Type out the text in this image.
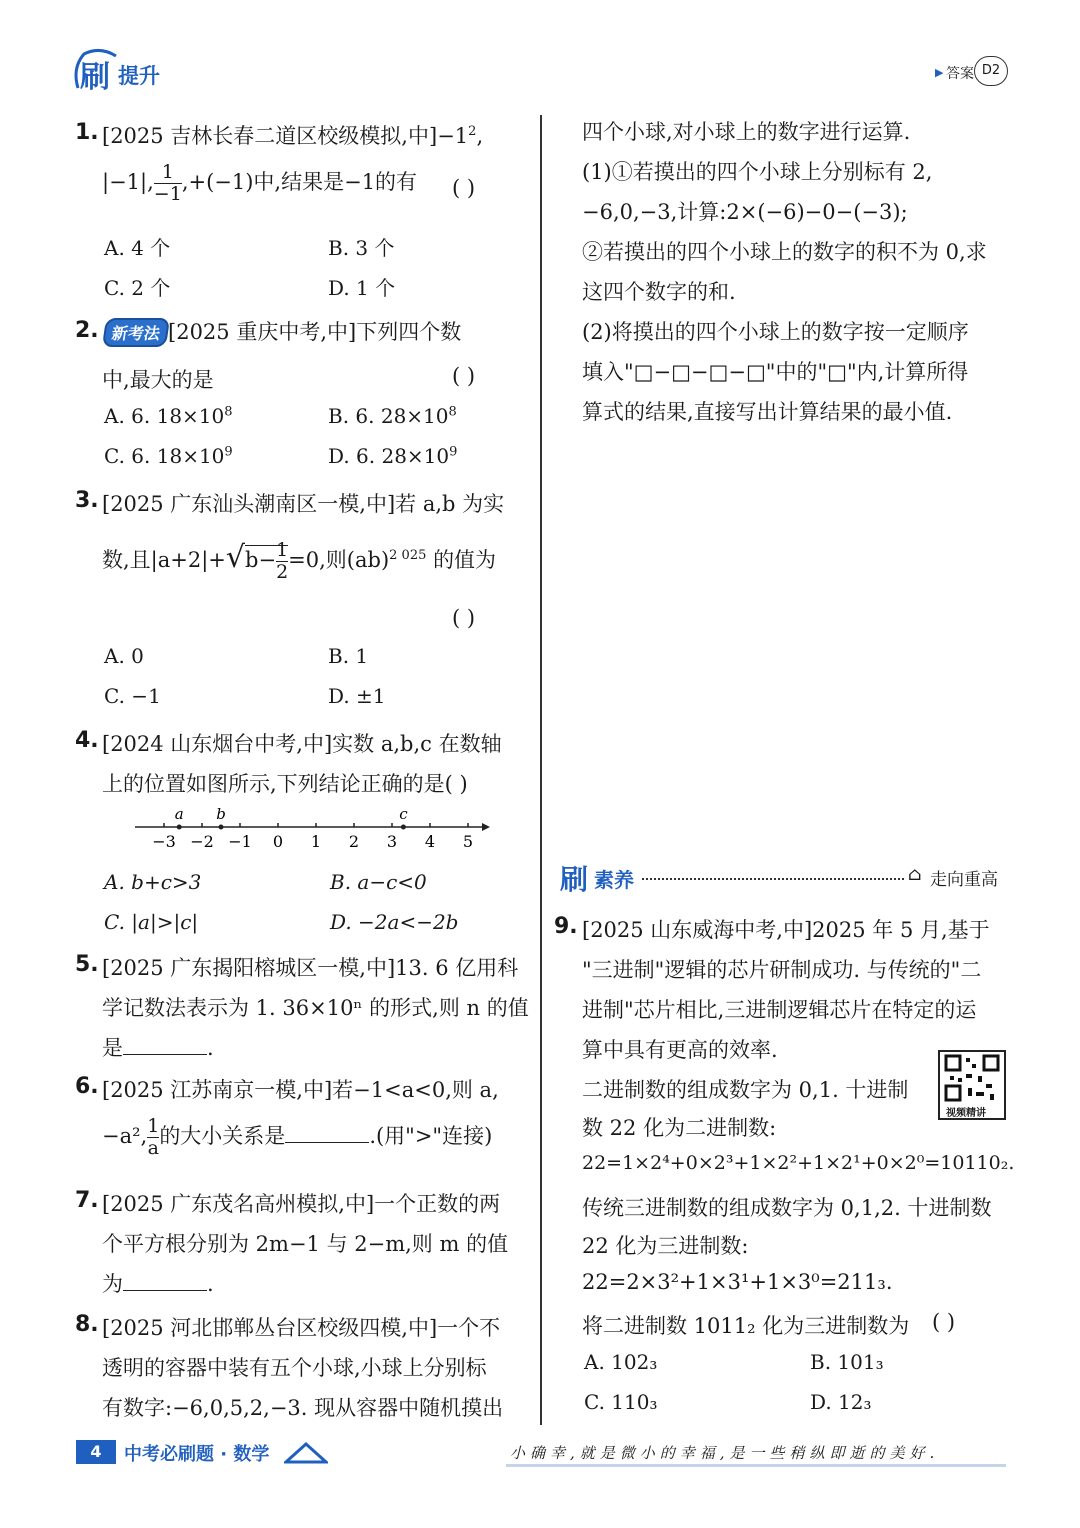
刷 提升	▶ 答案 D2
1. [2025 吉林长春二道区校级模拟,中]$-1^2$,
|−1|, $\frac{1}{-1} ,+(-1)$中,结果是−1的有 ( )
A. 4 个	B. 3 个
C. 2 个	D. 1 个
2. 新考法 [2025 重庆中考,中]下列四个数
中,最大的是	( )
A. 6. $18\times 10^8$	B. 6. $28\times 10^8$
C. 6. $18\times 10^9$	D. 6. $28\times 10^9$
3. [2025 广东汕头潮南区一模,中]若 a,b 为实
数,且$|a+2|+√b- \frac{1}{2} =0$,则(ab)$^{2 025}$ 的值为
( )
A. 0	B. 1
C. −1	D. ±1
4. [2024 山东烟台中考,中]实数 a,b,c 在数轴
上的位置如图所示,下列结论正确的是( )
−3 −2 −1 0 1 2 3 4 5
a b	c
A. b+c>3	B. a−c<0
C. |a|>|c|	D. −2a<−2b
5. [2025 广东揭阳榕城区一模,中]13. 6 亿用科
学记数法表示为 1. 36×10ⁿ 的形式,则 n 的值
是	.
6. [2025 江苏南京一模,中]若−1<a<0,则 a,
−a², $\frac{1}{a}$ 的大小关系是	.(用">"连接)
7. [2025 广东茂名高州模拟,中]一个正数的两
个平方根分别为 2m−1 与 2−m,则 m 的值
为	.
8. [2025 河北邯郸丛台区校级四模,中]一个不
透明的容器中装有五个小球,小球上分别标
有数字:−6,0,5,2,−3. 现从容器中随机摸出
四个小球,对小球上的数字进行运算.
(1)①若摸出的四个小球上分别标有 2,
−6,0,−3,计算:2×(−6)−0−(−3);
②若摸出的四个小球上的数字的积不为 0,求
这四个数字的和.
(2)将摸出的四个小球上的数字按一定顺序
填入"□−□−□−□"中的"□"内,计算所得
算式的结果,直接写出计算结果的最小值.
刷 素养	⌂ 走向重高
9. [2025 山东威海中考,中]2025 年 5 月,基于
"三进制"逻辑的芯片研制成功. 与传统的"二
进制"芯片相比,三进制逻辑芯片在特定的运
算中具有更高的效率.
二进制数的组成数字为 0,1. 十进制
数 22 化为二进制数:
22=1×2⁴+0×2³+1×2²+1×2¹+0×2⁰=10110₂.
传统三进制数的组成数字为 0,1,2. 十进制数
22 化为三进制数:
22=2×3²+1×3¹+1×3⁰=211₃.
将二进制数 1011₂ 化为三进制数为 ( )
视频精讲
A. 102₃	B. 101₃
C. 110₃	D. 12₃
4	中考必刷题 · 数学	小确幸,就是微小的幸福,是一些稍纵即逝的美好.
